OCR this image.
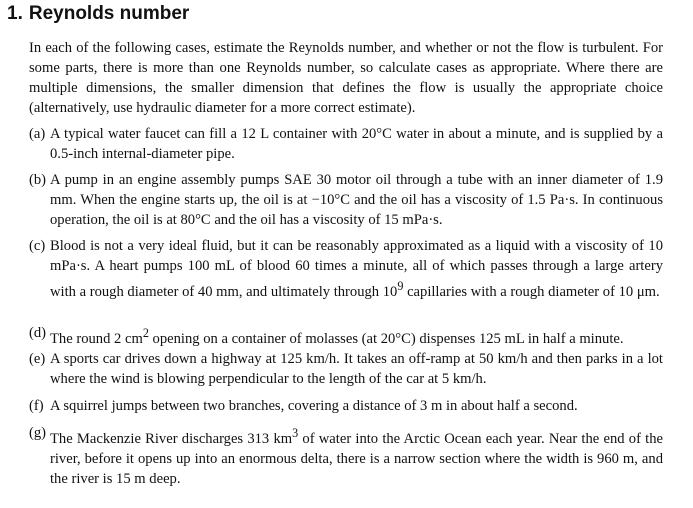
1. Reynolds number

In each of the following cases, estimate the Reynolds number, and whether or not the flow is turbulent. For some parts, there is more than one Reynolds number, so calculate cases as appropriate. Where there are multiple dimensions, the smaller dimension that defines the flow is usually the appropriate choice (alternatively, use hydraulic diameter for a more correct estimate).

(a) A typical water faucet can fill a 12 L container with 20°C water in about a minute, and is supplied by a 0.5-inch internal-diameter pipe.
(b) A pump in an engine assembly pumps SAE 30 motor oil through a tube with an inner diameter of 1.9 mm. When the engine starts up, the oil is at −10°C and the oil has a viscosity of 1.5 Pa·s. In continuous operation, the oil is at 80°C and the oil has a viscosity of 15 mPa·s.
(c) Blood is not a very ideal fluid, but it can be reasonably approximated as a liquid with a viscosity of 10 mPa·s. A heart pumps 100 mL of blood 60 times a minute, all of which passes through a large artery with a rough diameter of 40 mm, and ultimately through $10^9$ capillaries with a rough diameter of 10 μm.
(d) The round 2 $cm^2$ opening on a container of molasses (at 20°C) dispenses 125 mL in half a minute.
(e) A sports car drives down a highway at 125 km/h. It takes an off-ramp at 50 km/h and then parks in a lot where the wind is blowing perpendicular to the length of the car at 5 km/h.
(f) A squirrel jumps between two branches, covering a distance of 3 m in about half a second.
(g) The Mackenzie River discharges 313 $km^3$ of water into the Arctic Ocean each year. Near the end of the river, before it opens up into an enormous delta, there is a narrow section where the width is 960 m, and the river is 15 m deep.
